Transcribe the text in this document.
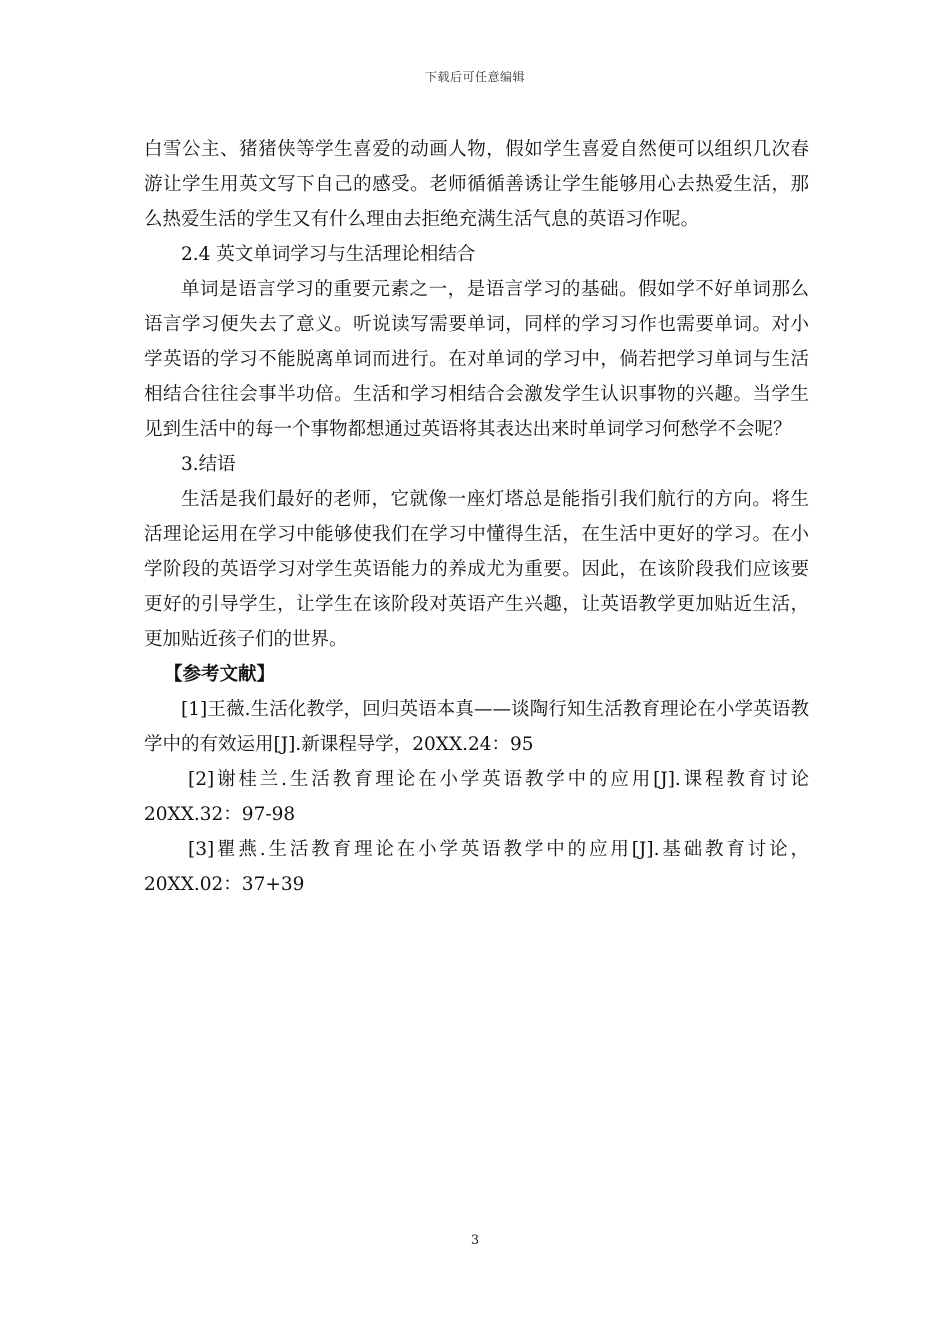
下载后可任意编辑

白雪公主、猪猪侠等学生喜爱的动画人物，假如学生喜爱自然便可以组织几次春游让学生用英文写下自己的感受。老师循循善诱让学生能够用心去热爱生活，那么热爱生活的学生又有什么理由去拒绝充满生活气息的英语习作呢。

2.4 英文单词学习与生活理论相结合

单词是语言学习的重要元素之一，是语言学习的基础。假如学不好单词那么语言学习便失去了意义。听说读写需要单词，同样的学习习作也需要单词。对小学英语的学习不能脱离单词而进行。在对单词的学习中，倘若把学习单词与生活相结合往往会事半功倍。生活和学习相结合会激发学生认识事物的兴趣。当学生见到生活中的每一个事物都想通过英语将其表达出来时单词学习何愁学不会呢？

3.结语

生活是我们最好的老师，它就像一座灯塔总是能指引我们航行的方向。将生活理论运用在学习中能够使我们在学习中懂得生活，在生活中更好的学习。在小学阶段的英语学习对学生英语能力的养成尤为重要。因此，在该阶段我们应该要更好的引导学生，让学生在该阶段对英语产生兴趣，让英语教学更加贴近生活，更加贴近孩子们的世界。

【参考文献】

[1]王薇.生活化教学，回归英语本真——谈陶行知生活教育理论在小学英语教学中的有效运用[J].新课程导学，20XX.24：95

[2]谢桂兰.生活教育理论在小学英语教学中的应用[J].课程教育讨论20XX.32：97-98

[3]瞿燕.生活教育理论在小学英语教学中的应用[J].基础教育讨论，20XX.02：37+39

3
